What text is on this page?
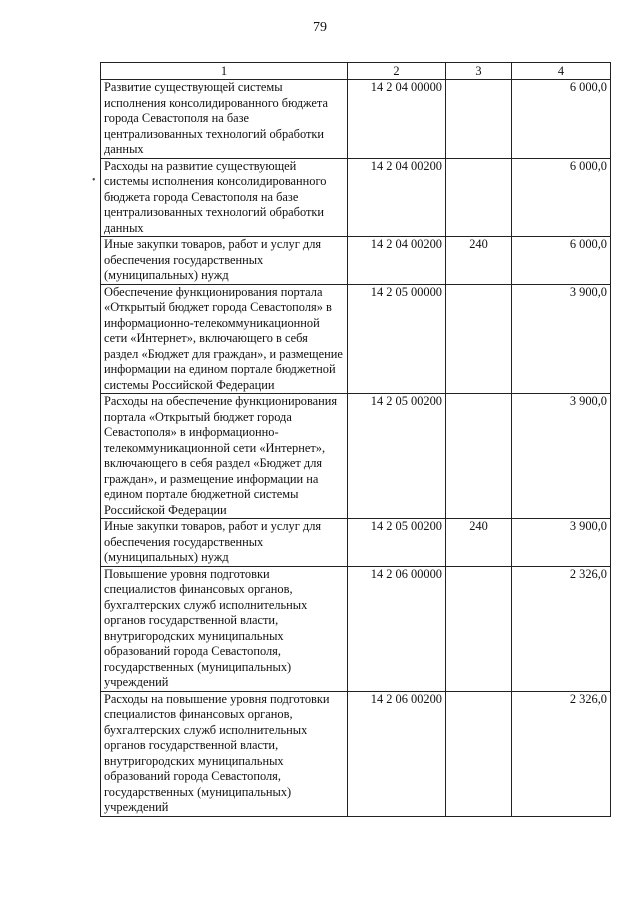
79
•
1	2	3	4
Развитие существующей системы исполнения консолидированного бюджета города Севастополя на базе централизованных технологий обработки данных	14 2 04 00000		6 000,0
Расходы на развитие существующей системы исполнения консолидированного бюджета города Севастополя на базе централизованных технологий обработки данных	14 2 04 00200		6 000,0
Иные закупки товаров, работ и услуг для обеспечения государственных (муниципальных) нужд	14 2 04 00200	240	6 000,0
Обеспечение функционирования портала «Открытый бюджет города Севастополя» в информационно-телекоммуникационной сети «Интернет», включающего в себя раздел «Бюджет для граждан», и размещение информации на едином портале бюджетной системы Российской Федерации	14 2 05 00000		3 900,0
Расходы на обеспечение функционирования портала «Открытый бюджет города Севастополя» в информационно-телекоммуникационной сети «Интернет», включающего в себя раздел «Бюджет для граждан», и размещение информации на едином портале бюджетной системы Российской Федерации	14 2 05 00200		3 900,0
Иные закупки товаров, работ и услуг для обеспечения государственных (муниципальных) нужд	14 2 05 00200	240	3 900,0
Повышение уровня подготовки специалистов финансовых органов, бухгалтерских служб исполнительных органов государственной власти, внутригородских муниципальных образований города Севастополя, государственных (муниципальных) учреждений	14 2 06 00000		2 326,0
Расходы на повышение уровня подготовки специалистов финансовых органов, бухгалтерских служб исполнительных органов государственной власти, внутригородских муниципальных образований города Севастополя, государственных (муниципальных) учреждений	14 2 06 00200		2 326,0
